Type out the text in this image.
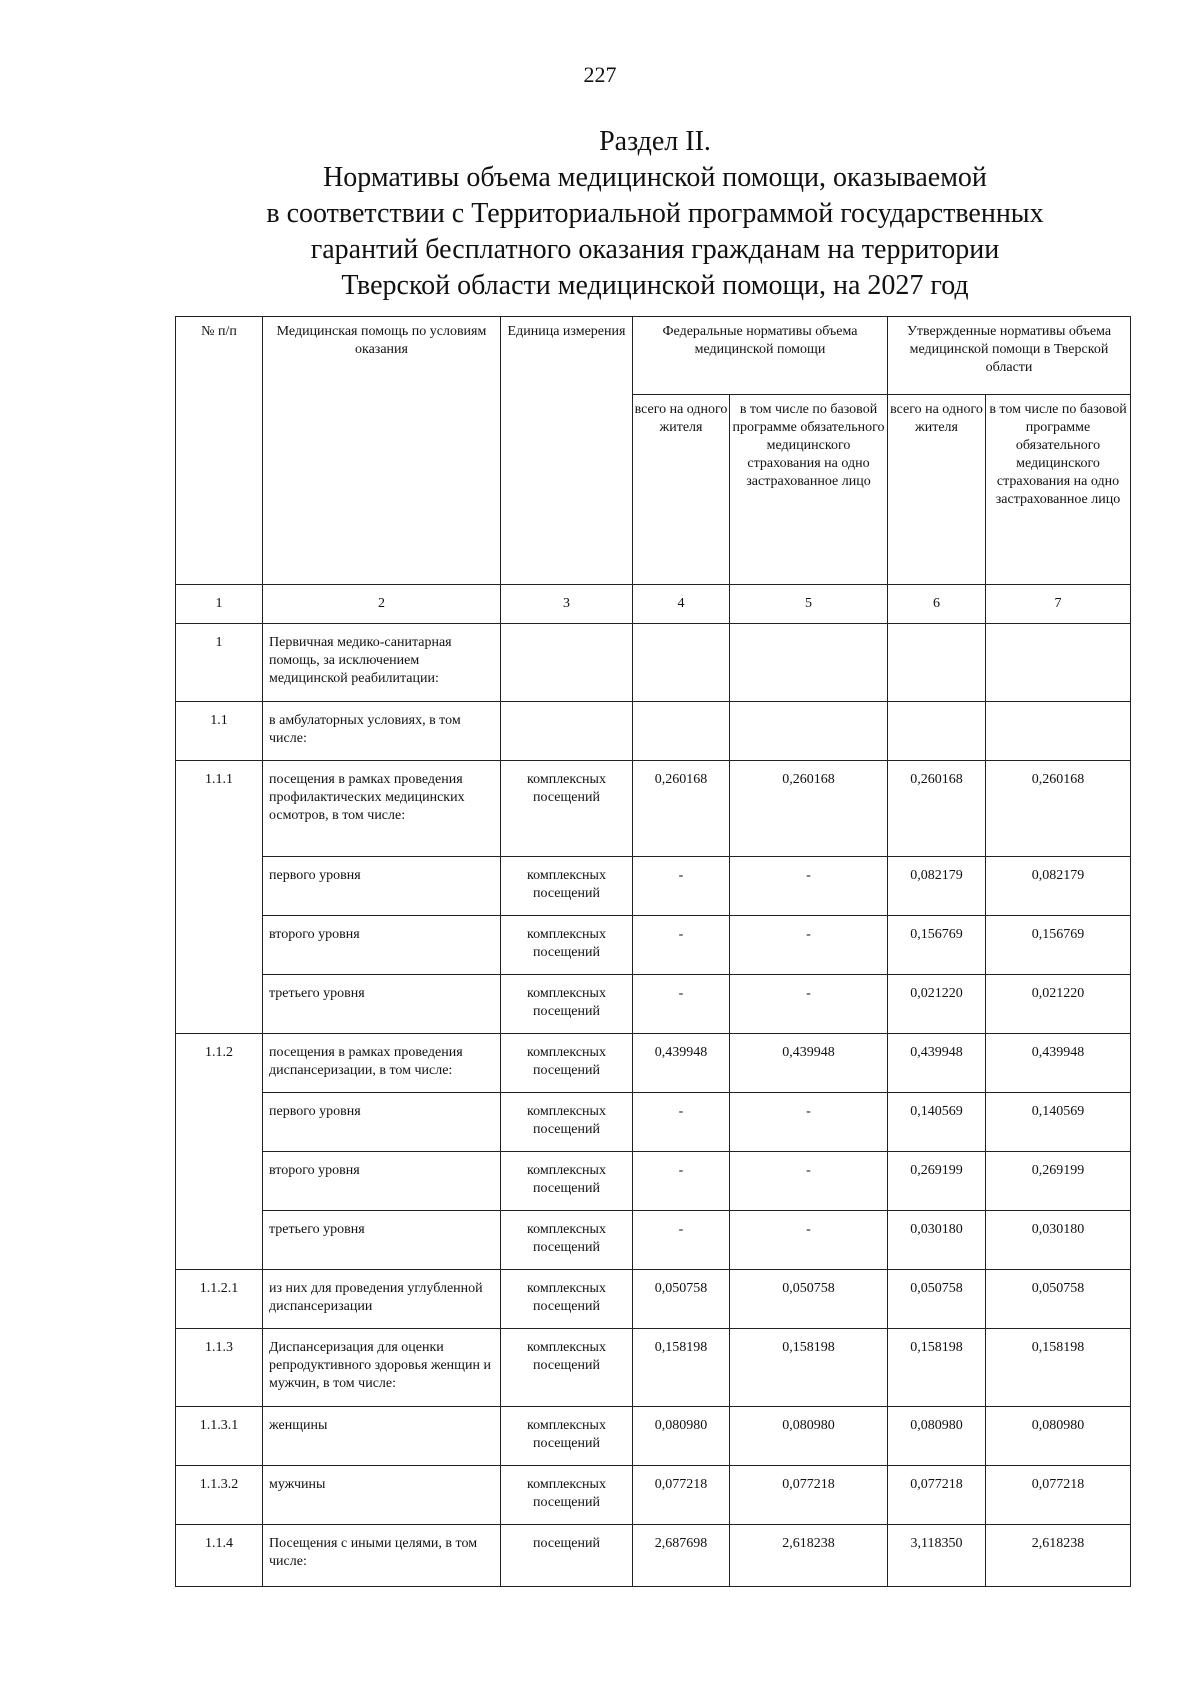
227
Раздел II.
Нормативы объема медицинской помощи, оказываемой
в соответствии с Территориальной программой государственных
гарантий бесплатного оказания гражданам на территории
Тверской области медицинской помощи, на 2027 год
№ п/п	Медицинская помощь по условиям оказания	Единица измерения	Федеральные нормативы объема медицинской помощи		Утвержденные нормативы объема медицинской помощи в Тверской области	
			всего на одного жителя	в том числе по базовой программе обязательного медицинского страхования на одно застрахованное лицо	всего на одного жителя	в том числе по базовой программе обязательного медицинского страхования на одно застрахованное лицо
1	2	3	4	5	6	7
1	Первичная медико-санитарная помощь, за исключением медицинской реабилитации:					
1.1	в амбулаторных условиях, в том числе:					
1.1.1	посещения в рамках проведения профилактических медицинских осмотров, в том числе:	комплексных посещений	0,260168	0,260168	0,260168	0,260168
	первого уровня	комплексных посещений	-	-	0,082179	0,082179
	второго уровня	комплексных посещений	-	-	0,156769	0,156769
	третьего уровня	комплексных посещений	-	-	0,021220	0,021220
1.1.2	посещения в рамках проведения диспансеризации, в том числе:	комплексных посещений	0,439948	0,439948	0,439948	0,439948
	первого уровня	комплексных посещений	-	-	0,140569	0,140569
	второго уровня	комплексных посещений	-	-	0,269199	0,269199
	третьего уровня	комплексных посещений	-	-	0,030180	0,030180
1.1.2.1	из них для проведения углубленной диспансеризации	комплексных посещений	0,050758	0,050758	0,050758	0,050758
1.1.3	Диспансеризация для оценки репродуктивного здоровья женщин и мужчин, в том числе:	комплексных посещений	0,158198	0,158198	0,158198	0,158198
1.1.3.1	женщины	комплексных посещений	0,080980	0,080980	0,080980	0,080980
1.1.3.2	мужчины	комплексных посещений	0,077218	0,077218	0,077218	0,077218
1.1.4	Посещения с иными целями, в том числе:	посещений	2,687698	2,618238	3,118350	2,618238
